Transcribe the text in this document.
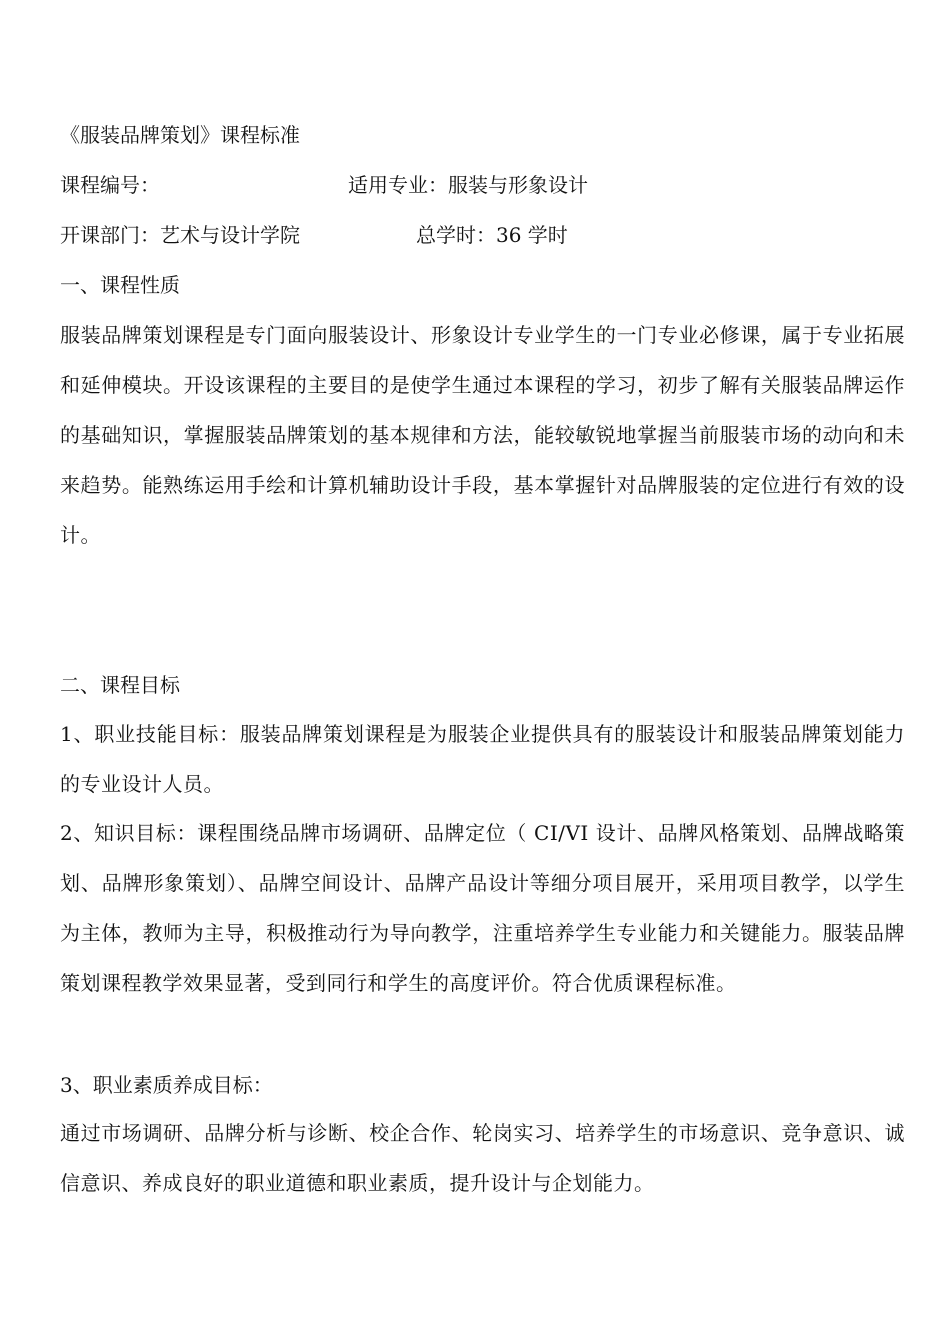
《服装品牌策划》课程标准
课程编号：	适用专业：服装与形象设计
开课部门：艺术与设计学院	总学时：36 学时
一、课程性质
服装品牌策划课程是专门面向服装设计、形象设计专业学生的一门专业必修课，属于专业拓展和延伸模块。开设该课程的主要目的是使学生通过本课程的学习，初步了解有关服装品牌运作的基础知识，掌握服装品牌策划的基本规律和方法，能较敏锐地掌握当前服装市场的动向和未来趋势。能熟练运用手绘和计算机辅助设计手段，基本掌握针对品牌服装的定位进行有效的设计。
二、课程目标
1、职业技能目标：服装品牌策划课程是为服装企业提供具有的服装设计和服装品牌策划能力的专业设计人员。
2、知识目标：课程围绕品牌市场调研、品牌定位（ CI/VI 设计、品牌风格策划、品牌战略策划、品牌形象策划）、品牌空间设计、品牌产品设计等细分项目展开，采用项目教学，以学生为主体，教师为主导，积极推动行为导向教学，注重培养学生专业能力和关键能力。服装品牌策划课程教学效果显著，受到同行和学生的高度评价。符合优质课程标准。
3、职业素质养成目标：
通过市场调研、品牌分析与诊断、校企合作、轮岗实习、培养学生的市场意识、竞争意识、诚信意识、养成良好的职业道德和职业素质，提升设计与企划能力。
